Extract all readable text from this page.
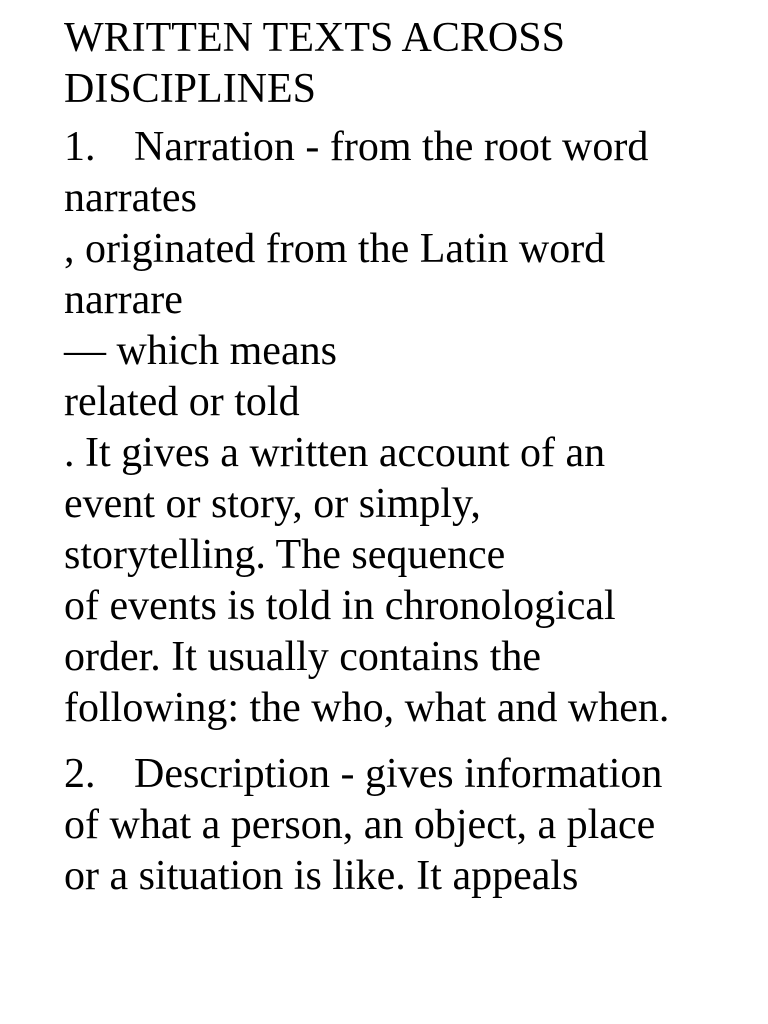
WRITTEN TEXTS ACROSS
DISCIPLINES
1. Narration - from the root word
narrates
, originated from the Latin word
narrare
— which means
related or told
. It gives a written account of an
event or story, or simply,
storytelling. The sequence
of events is told in chronological
order. It usually contains the
following: the who, what and when.
2. Description - gives information
of what a person, an object, a place
or a situation is like. It appeals
